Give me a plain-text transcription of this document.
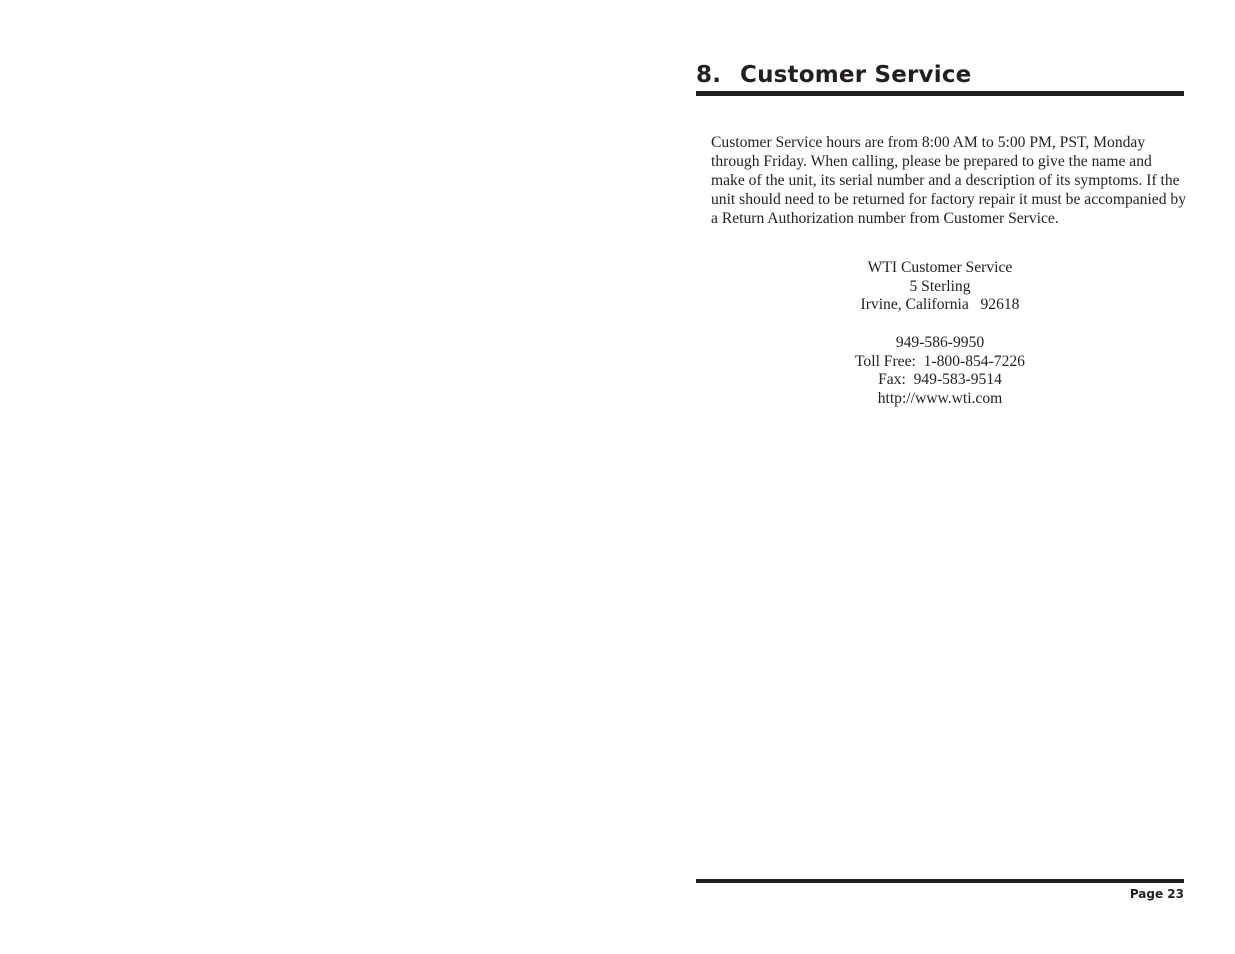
8. Customer Service

Customer Service hours are from 8:00 AM to 5:00 PM, PST, Monday through Friday. When calling, please be prepared to give the name and make of the unit, its serial number and a description of its symptoms. If the unit should need to be returned for factory repair it must be accompanied by a Return Authorization number from Customer Service.

WTI Customer Service
5 Sterling
Irvine, California   92618
949-586-9950
Toll Free:  1-800-854-7226
Fax:  949-583-9514
http://www.wti.com
Page 23
